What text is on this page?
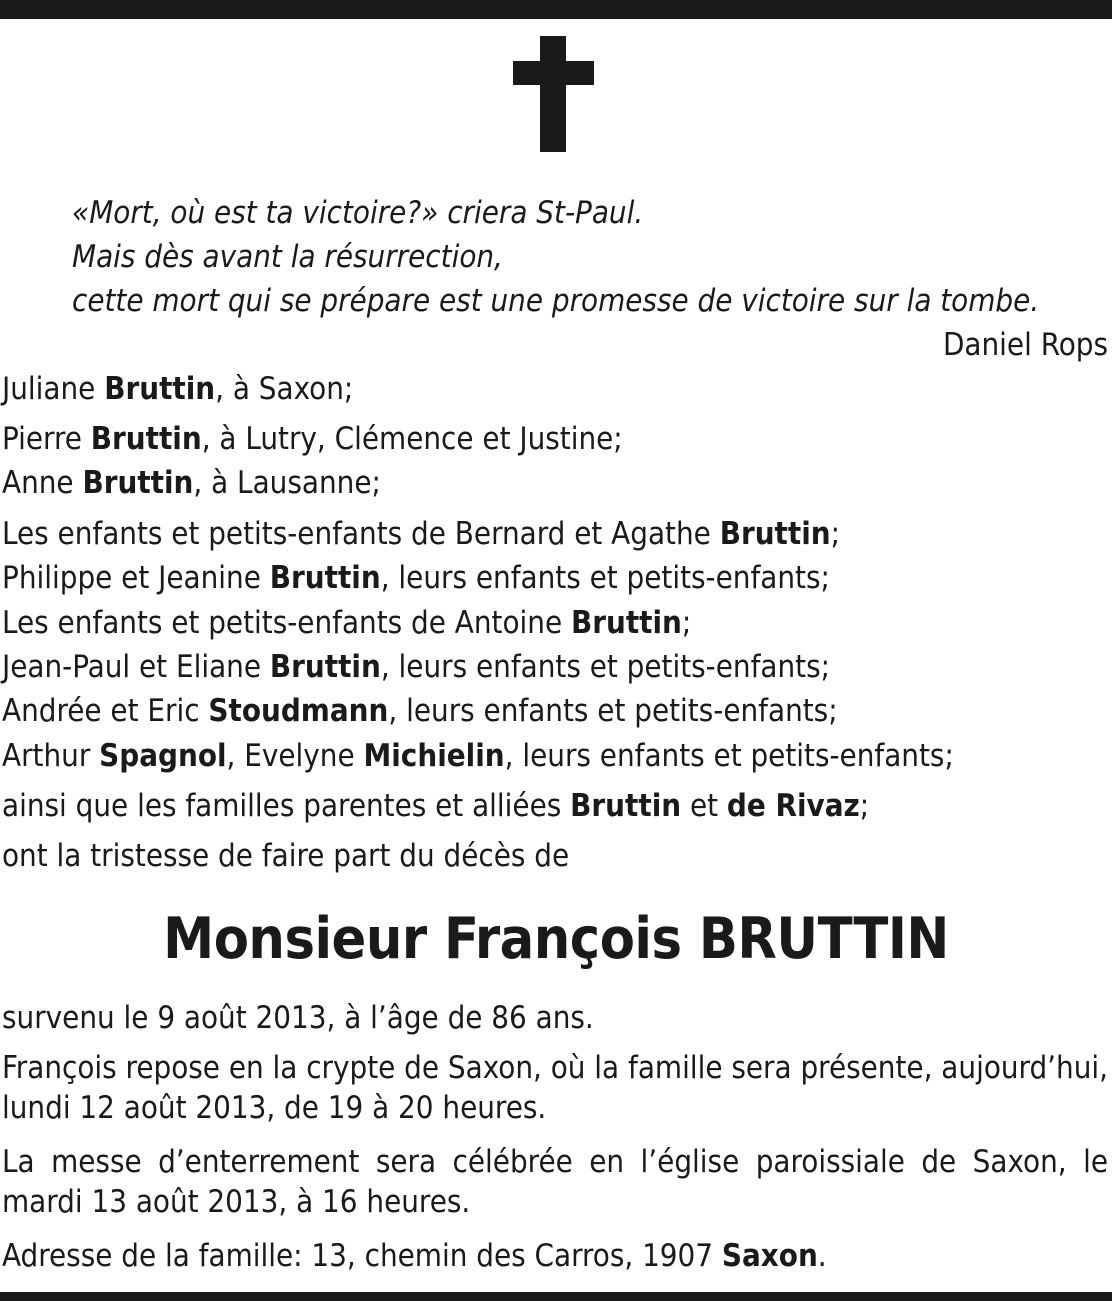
«Mort, où est ta victoire?» criera St-Paul.
Mais dès avant la résurrection,
cette mort qui se prépare est une promesse de victoire sur la tombe.
Daniel Rops
Juliane Bruttin, à Saxon;
Pierre Bruttin, à Lutry, Clémence et Justine;
Anne Bruttin, à Lausanne;
Les enfants et petits-enfants de Bernard et Agathe Bruttin;
Philippe et Jeanine Bruttin, leurs enfants et petits-enfants;
Les enfants et petits-enfants de Antoine Bruttin;
Jean-Paul et Eliane Bruttin, leurs enfants et petits-enfants;
Andrée et Eric Stoudmann, leurs enfants et petits-enfants;
Arthur Spagnol, Evelyne Michielin, leurs enfants et petits-enfants;
ainsi que les familles parentes et alliées Bruttin et de Rivaz;
ont la tristesse de faire part du décès de
Monsieur François BRUTTIN
survenu le 9 août 2013, à l’âge de 86 ans.
François repose en la crypte de Saxon, où la famille sera présente, aujourd’hui, lundi 12 août 2013, de 19 à 20 heures.
La messe d’enterrement sera célébrée en l’église paroissiale de Saxon, le mardi 13 août 2013, à 16 heures.
Adresse de la famille: 13, chemin des Carros, 1907 Saxon.
